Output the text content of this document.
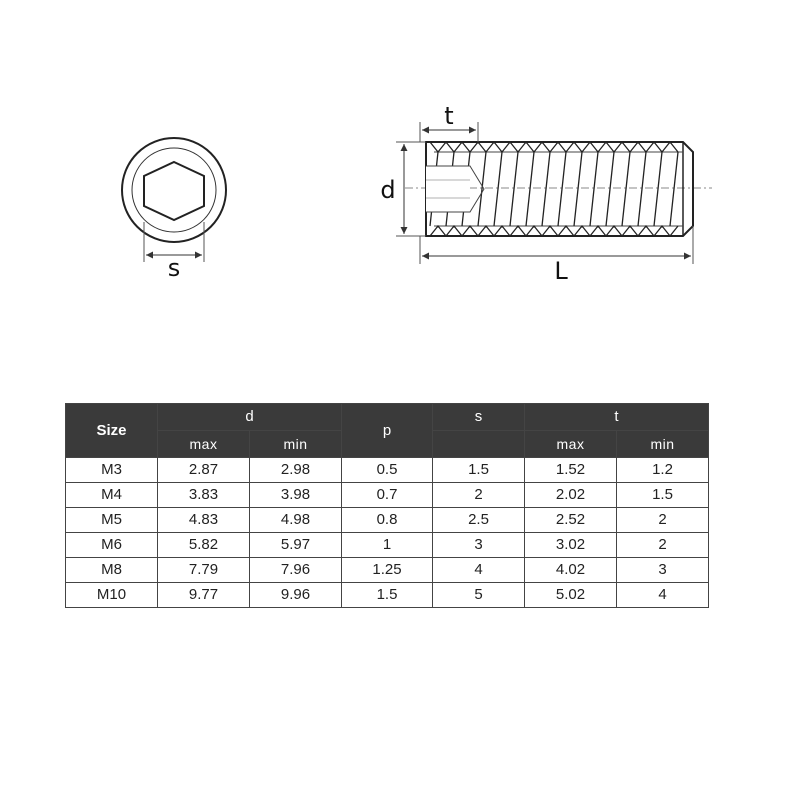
s
d
t
L
Size	d		p	s	t	
	max	min			max	min
M3	2.87	2.98	0.5	1.5	1.52	1.2
M4	3.83	3.98	0.7	2	2.02	1.5
M5	4.83	4.98	0.8	2.5	2.52	2
M6	5.82	5.97	1	3	3.02	2
M8	7.79	7.96	1.25	4	4.02	3
M10	9.77	9.96	1.5	5	5.02	4
